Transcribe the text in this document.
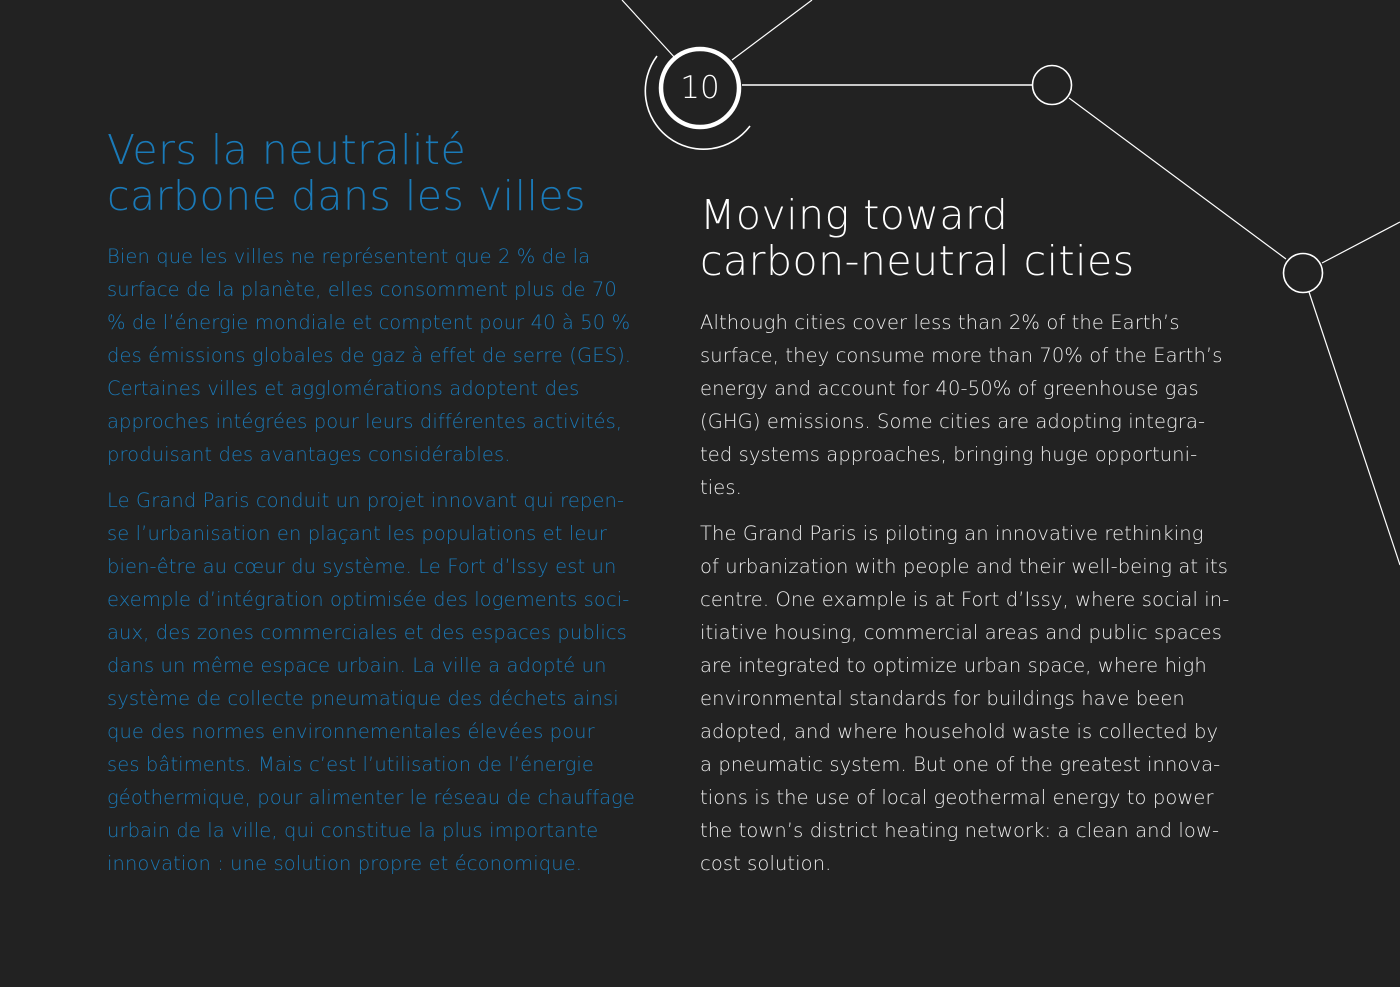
10
Vers la neutralité
carbone dans les villes

Bien que les villes ne représentent que 2 % de la
surface de la planète, elles consomment plus de 70
% de l’énergie mondiale et comptent pour 40 à 50 %
des émissions globales de gaz à effet de serre (GES).
Certaines villes et agglomérations adoptent des
approches intégrées pour leurs différentes activités,
produisant des avantages considérables.

Le Grand Paris conduit un projet innovant qui repen-
se l’urbanisation en plaçant les populations et leur
bien-être au cœur du système. Le Fort d’Issy est un
exemple d’intégration optimisée des logements soci-
aux, des zones commerciales et des espaces publics
dans un même espace urbain. La ville a adopté un
système de collecte pneumatique des déchets ainsi
que des normes environnementales élevées pour
ses bâtiments. Mais c’est l’utilisation de l’énergie
géothermique, pour alimenter le réseau de chauffage
urbain de la ville, qui constitue la plus importante
innovation : une solution propre et économique.

Moving toward
carbon-neutral cities

Although cities cover less than 2% of the Earth’s
surface, they consume more than 70% of the Earth’s
energy and account for 40-50% of greenhouse gas
(GHG) emissions. Some cities are adopting integra-
ted systems approaches, bringing huge opportuni-
ties.

The Grand Paris is piloting an innovative rethinking
of urbanization with people and their well-being at its
centre. One example is at Fort d’Issy, where social in-
itiative housing, commercial areas and public spaces
are integrated to optimize urban space, where high
environmental standards for buildings have been
adopted, and where household waste is collected by
a pneumatic system. But one of the greatest innova-
tions is the use of local geothermal energy to power
the town’s district heating network: a clean and low-
cost solution.
